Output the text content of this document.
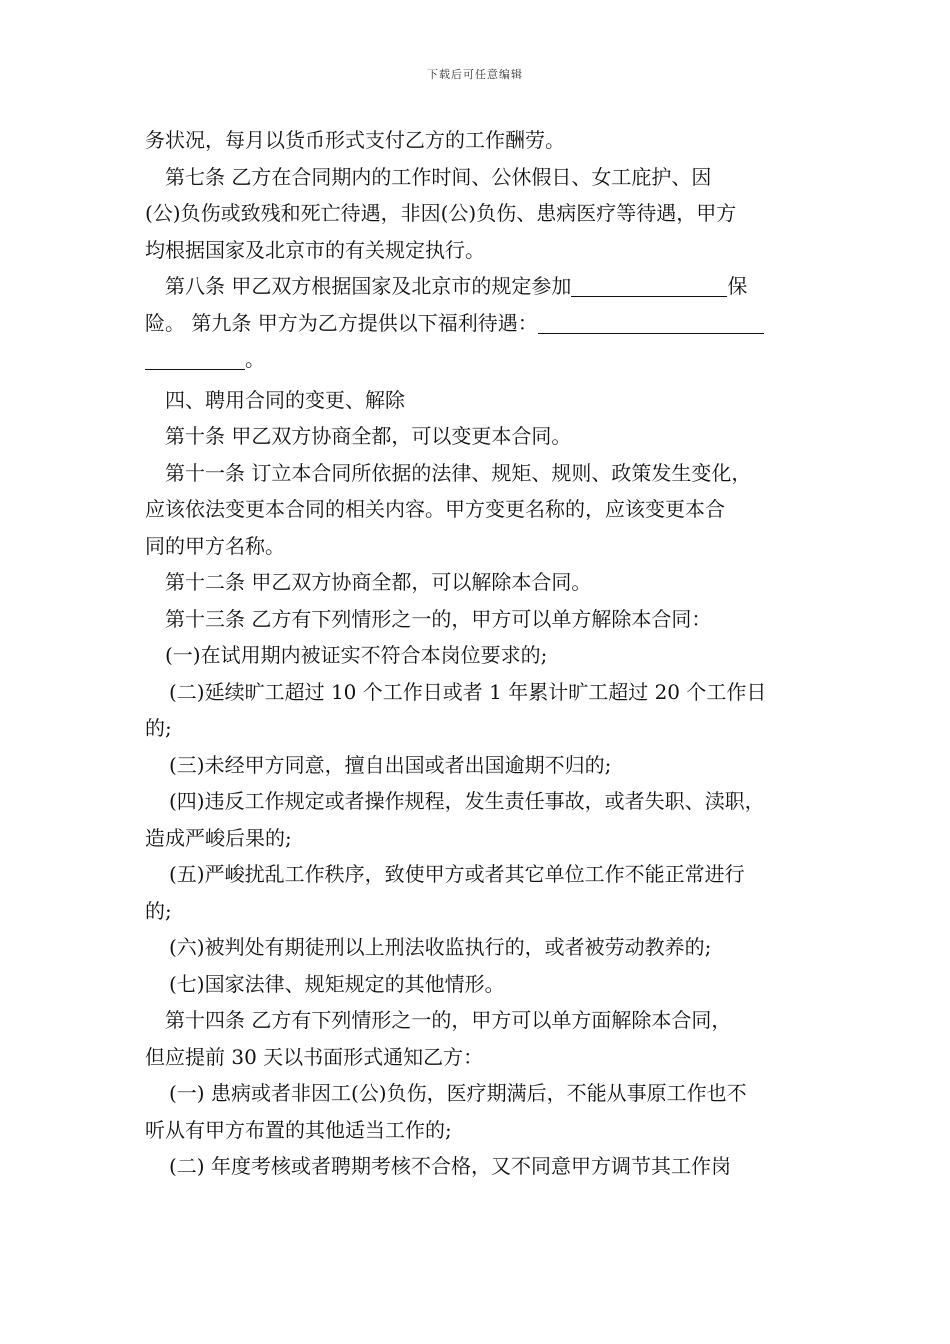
下载后可任意编辑
务状况，每月以货币形式支付乙方的工作酬劳。
第七条 乙方在合同期内的工作时间、公休假日、女工庇护、因
(公)负伤或致残和死亡待遇，非因(公)负伤、患病医疗等待遇，甲方
均根据国家及北京市的有关规定执行。
第八条 甲乙双方根据国家及北京市的规定参加	保
险。 第九条 甲方为乙方提供以下福利待遇：
。
四、聘用合同的变更、解除
第十条 甲乙双方协商全都，可以变更本合同。
第十一条 订立本合同所依据的法律、规矩、规则、政策发生变化，
应该依法变更本合同的相关内容。甲方变更名称的，应该变更本合
同的甲方名称。
第十二条 甲乙双方协商全都，可以解除本合同。
第十三条 乙方有下列情形之一的，甲方可以单方解除本合同：
(一)在试用期内被证实不符合本岗位要求的;
(二)延续旷工超过 10 个工作日或者 1 年累计旷工超过 20 个工作日
的;
(三)未经甲方同意，擅自出国或者出国逾期不归的;
(四)违反工作规定或者操作规程，发生责任事故，或者失职、渎职，
造成严峻后果的;
(五)严峻扰乱工作秩序，致使甲方或者其它单位工作不能正常进行
的;
(六)被判处有期徒刑以上刑法收监执行的，或者被劳动教养的;
(七)国家法律、规矩规定的其他情形。
第十四条 乙方有下列情形之一的，甲方可以单方面解除本合同，
但应提前 30 天以书面形式通知乙方：
(一) 患病或者非因工(公)负伤，医疗期满后，不能从事原工作也不
听从有甲方布置的其他适当工作的;
(二) 年度考核或者聘期考核不合格，又不同意甲方调节其工作岗
